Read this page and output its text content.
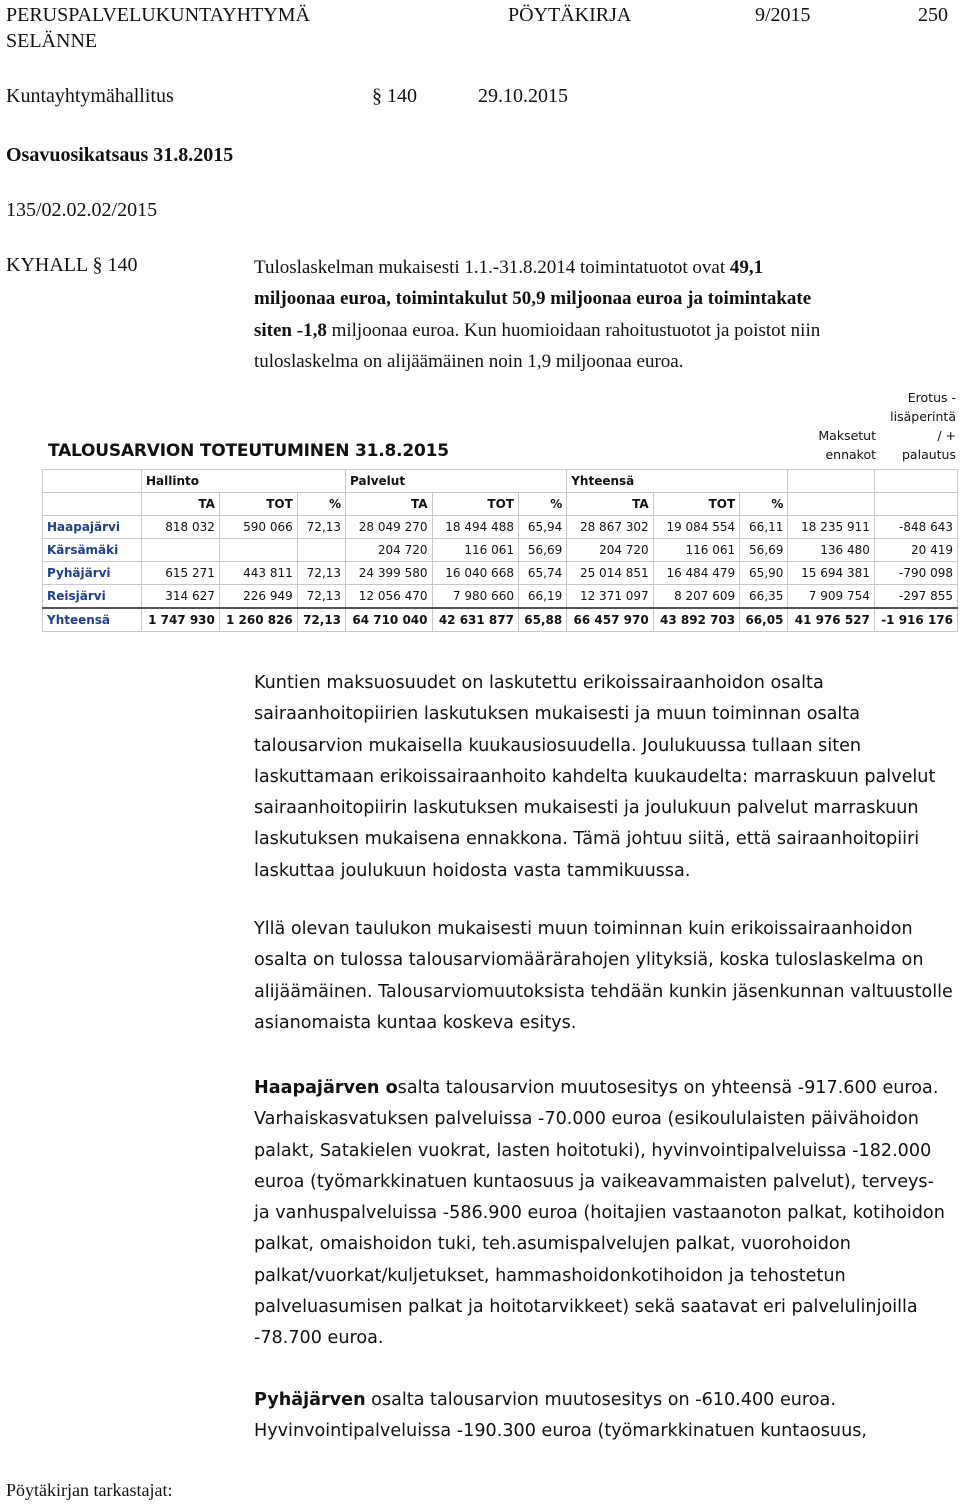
PERUSPALVELUKUNTAYHTYMÄ
SELÄNNE
PÖYTÄKIRJA	9/2015	250
Kuntayhtymähallitus	§ 140	29.10.2015
Osavuosikatsaus 31.8.2015
135/02.02.02/2015
KYHALL § 140	Tuloslaskelman mukaisesti 1.1.-31.8.2014 toimintatuotot ovat 49,1

miljoonaa euroa, toimintakulut 50,9 miljoonaa euroa ja toimintakate

siten -1,8 miljoonaa euroa. Kun huomioidaan rahoitustuotot ja poistot niin

tuloslaskelma on alijäämäinen noin 1,9 miljoonaa euroa.

TALOUSARVION TOTEUTUMINEN 31.8.2015
Maksetut
ennakot
Erotus -
lisäperintä
/ +
palautus
	Hallinto			Palvelut			Yhteensä				
	TA	TOT	%	TA	TOT	%	TA	TOT	%		
Haapajärvi	818 032	590 066	72,13	28 049 270	18 494 488	65,94	28 867 302	19 084 554	66,11	18 235 911	-848 643
Kärsämäki				204 720	116 061	56,69	204 720	116 061	56,69	136 480	20 419
Pyhäjärvi	615 271	443 811	72,13	24 399 580	16 040 668	65,74	25 014 851	16 484 479	65,90	15 694 381	-790 098
Reisjärvi	314 627	226 949	72,13	12 056 470	7 980 660	66,19	12 371 097	8 207 609	66,35	7 909 754	-297 855
Yhteensä	1 747 930	1 260 826	72,13	64 710 040	42 631 877	65,88	66 457 970	43 892 703	66,05	41 976 527	-1 916 176
Kuntien maksuosuudet on laskutettu erikoissairaanhoidon osalta sairaanhoitopiirien laskutuksen mukaisesti ja muun toiminnan osalta talousarvion mukaisella kuukausiosuudella. Joulukuussa tullaan siten laskuttamaan erikoissairaanhoito kahdelta kuukaudelta: marraskuun palvelut sairaanhoitopiirin laskutuksen mukaisesti ja joulukuun palvelut marraskuun laskutuksen mukaisena ennakkona. Tämä johtuu siitä, että sairaanhoitopiiri laskuttaa joulukuun hoidosta vasta tammikuussa.
Yllä olevan taulukon mukaisesti muun toiminnan kuin erikoissairaanhoidon osalta on tulossa talousarviomäärärahojen ylityksiä, koska tuloslaskelma on alijäämäinen. Talousarviomuutoksista tehdään kunkin jäsenkunnan valtuustolle asianomaista kuntaa koskeva esitys.
Haapajärven osalta talousarvion muutosesitys on yhteensä -917.600 euroa. Varhaiskasvatuksen palveluissa -70.000 euroa (esikoululaisten päivähoidon palakt, Satakielen vuokrat, lasten hoitotuki), hyvinvointipalveluissa -182.000 euroa (työmarkkinatuen kuntaosuus ja vaikeavammaisten palvelut), terveys- ja vanhuspalveluissa -586.900 euroa (hoitajien vastaanoton palkat, kotihoidon palkat, omaishoidon tuki, teh.asumispalvelujen palkat, vuorohoidon palkat/vuorkat/kuljetukset, hammashoidonkotihoidon ja tehostetun palveluasumisen palkat ja hoitotarvikkeet) sekä saatavat eri palvelulinjoilla -78.700 euroa.
Pyhäjärven osalta talousarvion muutosesitys on -610.400 euroa. Hyvinvointipalveluissa -190.300 euroa (työmarkkinatuen kuntaosuus,
Pöytäkirjan tarkastajat:
